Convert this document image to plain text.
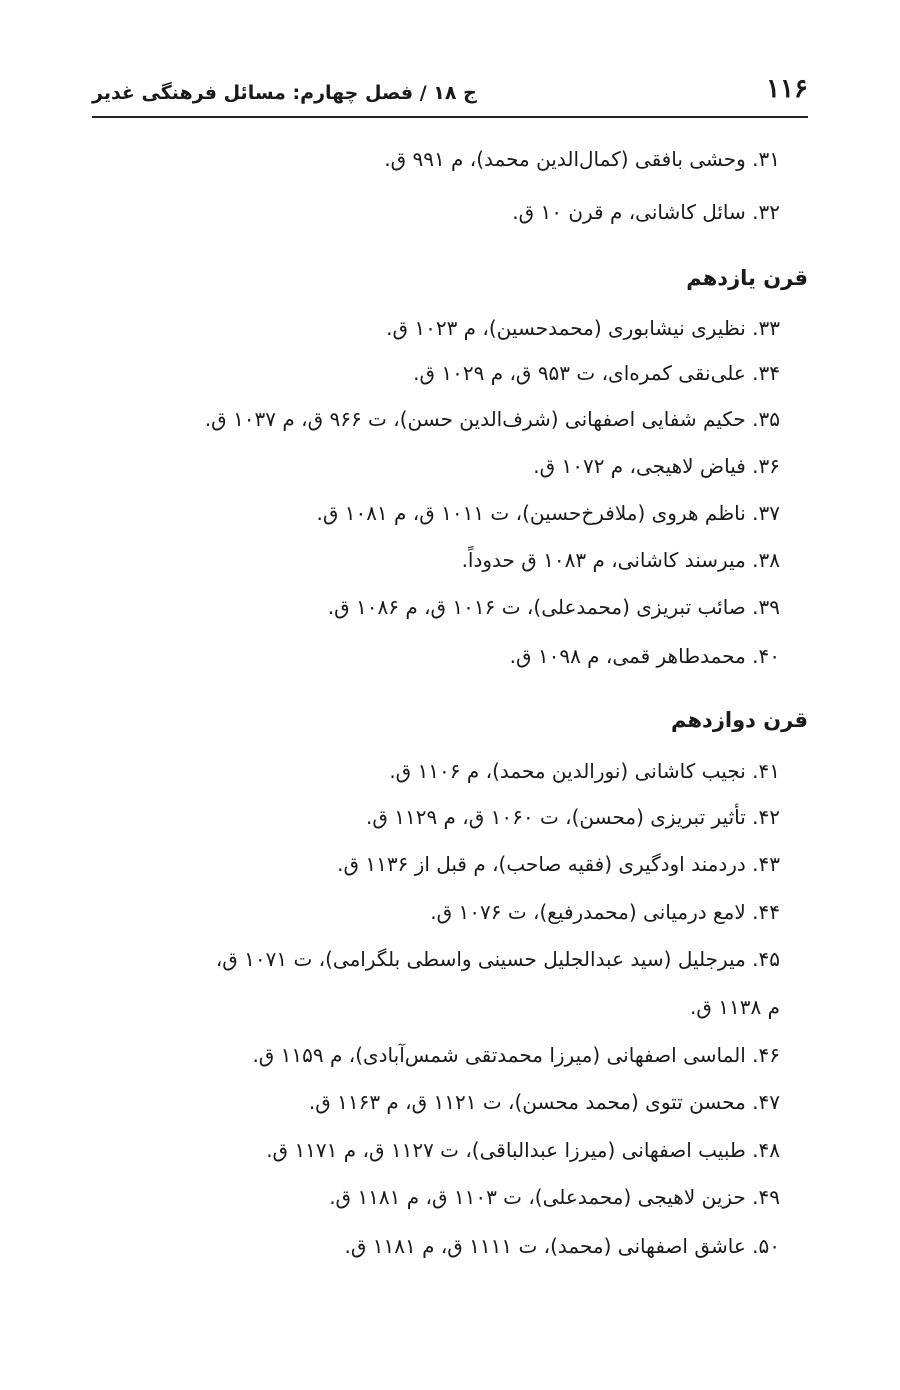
۱۱۶
ج ۱۸ / فصل چهارم: مسائل فرهنگی غدیر
۳۱. وحشی بافقی (کمال‌الدین محمد)، م ۹۹۱ ق.
۳۲. سائل کاشانی، م قرن ۱۰ ق.
قرن یازدهم
۳۳. نظیری نیشابوری (محمدحسین)، م ۱۰۲۳ ق.
۳۴. علی‌نقی کمره‌ای، ت ۹۵۳ ق، م ۱۰۲۹ ق.
۳۵. حکیم شفایی اصفهانی (شرف‌الدین حسن)، ت ۹۶۶ ق، م ۱۰۳۷ ق.
۳۶. فیاض لاهیجی، م ۱۰۷۲ ق.
۳۷. ناظم هروی (ملافرخ‌حسین)، ت ۱۰۱۱ ق، م ۱۰۸۱ ق.
۳۸. میرسند کاشانی، م ۱۰۸۳ ق حدوداً.
۳۹. صائب تبریزی (محمدعلی)، ت ۱۰۱۶ ق، م ۱۰۸۶ ق.
۴۰. محمدطاهر قمی، م ۱۰۹۸ ق.
قرن دوازدهم
۴۱. نجیب کاشانی (نورالدین محمد)، م ۱۱۰۶ ق.
۴۲. تأثیر تبریزی (محسن)، ت ۱۰۶۰ ق، م ۱۱۲۹ ق.
۴۳. دردمند اودگیری (فقیه صاحب)، م قبل از ۱۱۳۶ ق.
۴۴. لامع درمیانی (محمدرفیع)، ت ۱۰۷۶ ق.
۴۵. میرجلیل (سید عبدالجلیل حسینی واسطی بلگرامی)، ت ۱۰۷۱ ق،
م ۱۱۳۸ ق.
۴۶. الماسی اصفهانی (میرزا محمدتقی شمس‌آبادی)، م ۱۱۵۹ ق.
۴۷. محسن تتوی (محمد محسن)، ت ۱۱۲۱ ق، م ۱۱۶۳ ق.
۴۸. طبیب اصفهانی (میرزا عبدالباقی)، ت ۱۱۲۷ ق، م ۱۱۷۱ ق.
۴۹. حزین لاهیجی (محمدعلی)، ت ۱۱۰۳ ق، م ۱۱۸۱ ق.
۵۰. عاشق اصفهانی (محمد)، ت ۱۱۱۱ ق، م ۱۱۸۱ ق.
